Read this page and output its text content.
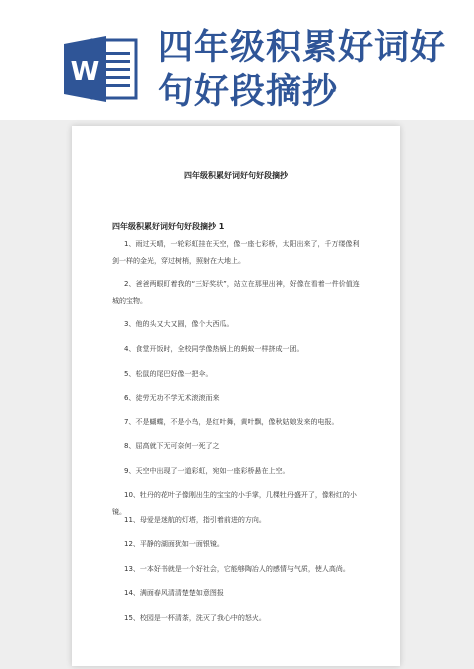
W
四年级积累好词好
句好段摘抄
四年级积累好词好句好段摘抄
四年级积累好词好句好段摘抄 1
1、雨过天晴，一轮彩虹挂在天空，像一座七彩桥，太阳出来了，千万缕像利剑一样的金光，穿过树梢，照射在大地上。
2、爸爸两眼盯着我的“三好奖状”，站立在那里出神，好像在看着一件价值连城的宝物。
3、他的头又大又圆，像个大西瓜。
4、食堂开饭时，全校同学像热锅上的蚂蚁一样挤成一团。
5、松鼠的尾巴好像一把伞。
6、徒劳无功不学无术滚滚而来
7、不是蝴蝶，不是小鸟，是红叶舞，黄叶飘，像秋姑娘发来的电报。
8、屈高就下无可奈何一死了之
9、天空中出现了一道彩虹，宛如一座彩桥悬在上空。
10、牡丹的花叶子像刚出生的宝宝的小手掌，几棵牡丹盛开了，像粉红的小镜。
11、母爱是迷航的灯塔，指引着前进的方向。
12、平静的湖面犹如一面银镜。
13、一本好书就是一个好社会，它能够陶冶人的感情与气质，使人高尚。
14、满面春风清清楚楚如意图报
15、校园是一杯清茶，洗灭了我心中的怒火。
